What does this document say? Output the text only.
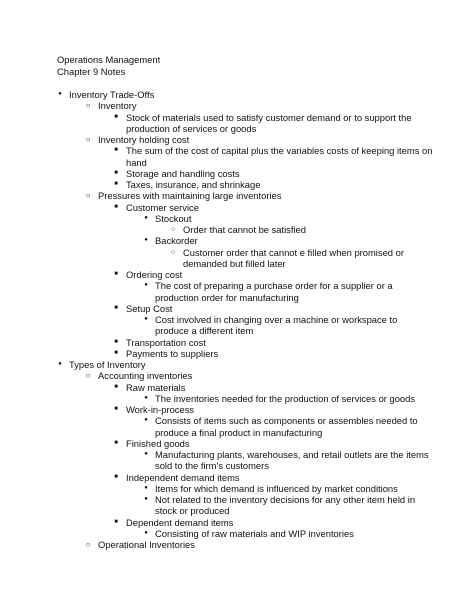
Operations Management
Chapter 9 Notes
● Inventory Trade-Offs
○ Inventory
■ Stock of materials used to satisfy customer demand or to support the
production of services or goods
○ Inventory holding cost
■ The sum of the cost of capital plus the variables costs of keeping items on
hand
■ Storage and handling costs
■ Taxes, insurance, and shrinkage
○ Pressures with maintaining large inventories
■ Customer service
● Stockout
○ Order that cannot be satisfied
● Backorder
○ Customer order that cannot e filled when promised or
demanded but filled later
■ Ordering cost
● The cost of preparing a purchase order for a supplier or a
production order for manufacturing
■ Setup Cost
● Cost involved in changing over a machine or workspace to
produce a different item
■ Transportation cost
■ Payments to suppliers
● Types of Inventory
○ Accounting inventories
■ Raw materials
● The inventories needed for the production of services or goods
■ Work-in-process
● Consists of items such as components or assembles needed to
produce a final product in manufacturing
■ Finished goods
● Manufacturing plants, warehouses, and retail outlets are the items
sold to the firm’s customers
■ Independent demand items
● Items for which demand is influenced by market conditions
● Not related to the inventory decisions for any other item held in
stock or produced
■ Dependent demand items
● Consisting of raw materials and WIP inventories
○ Operational Inventories
